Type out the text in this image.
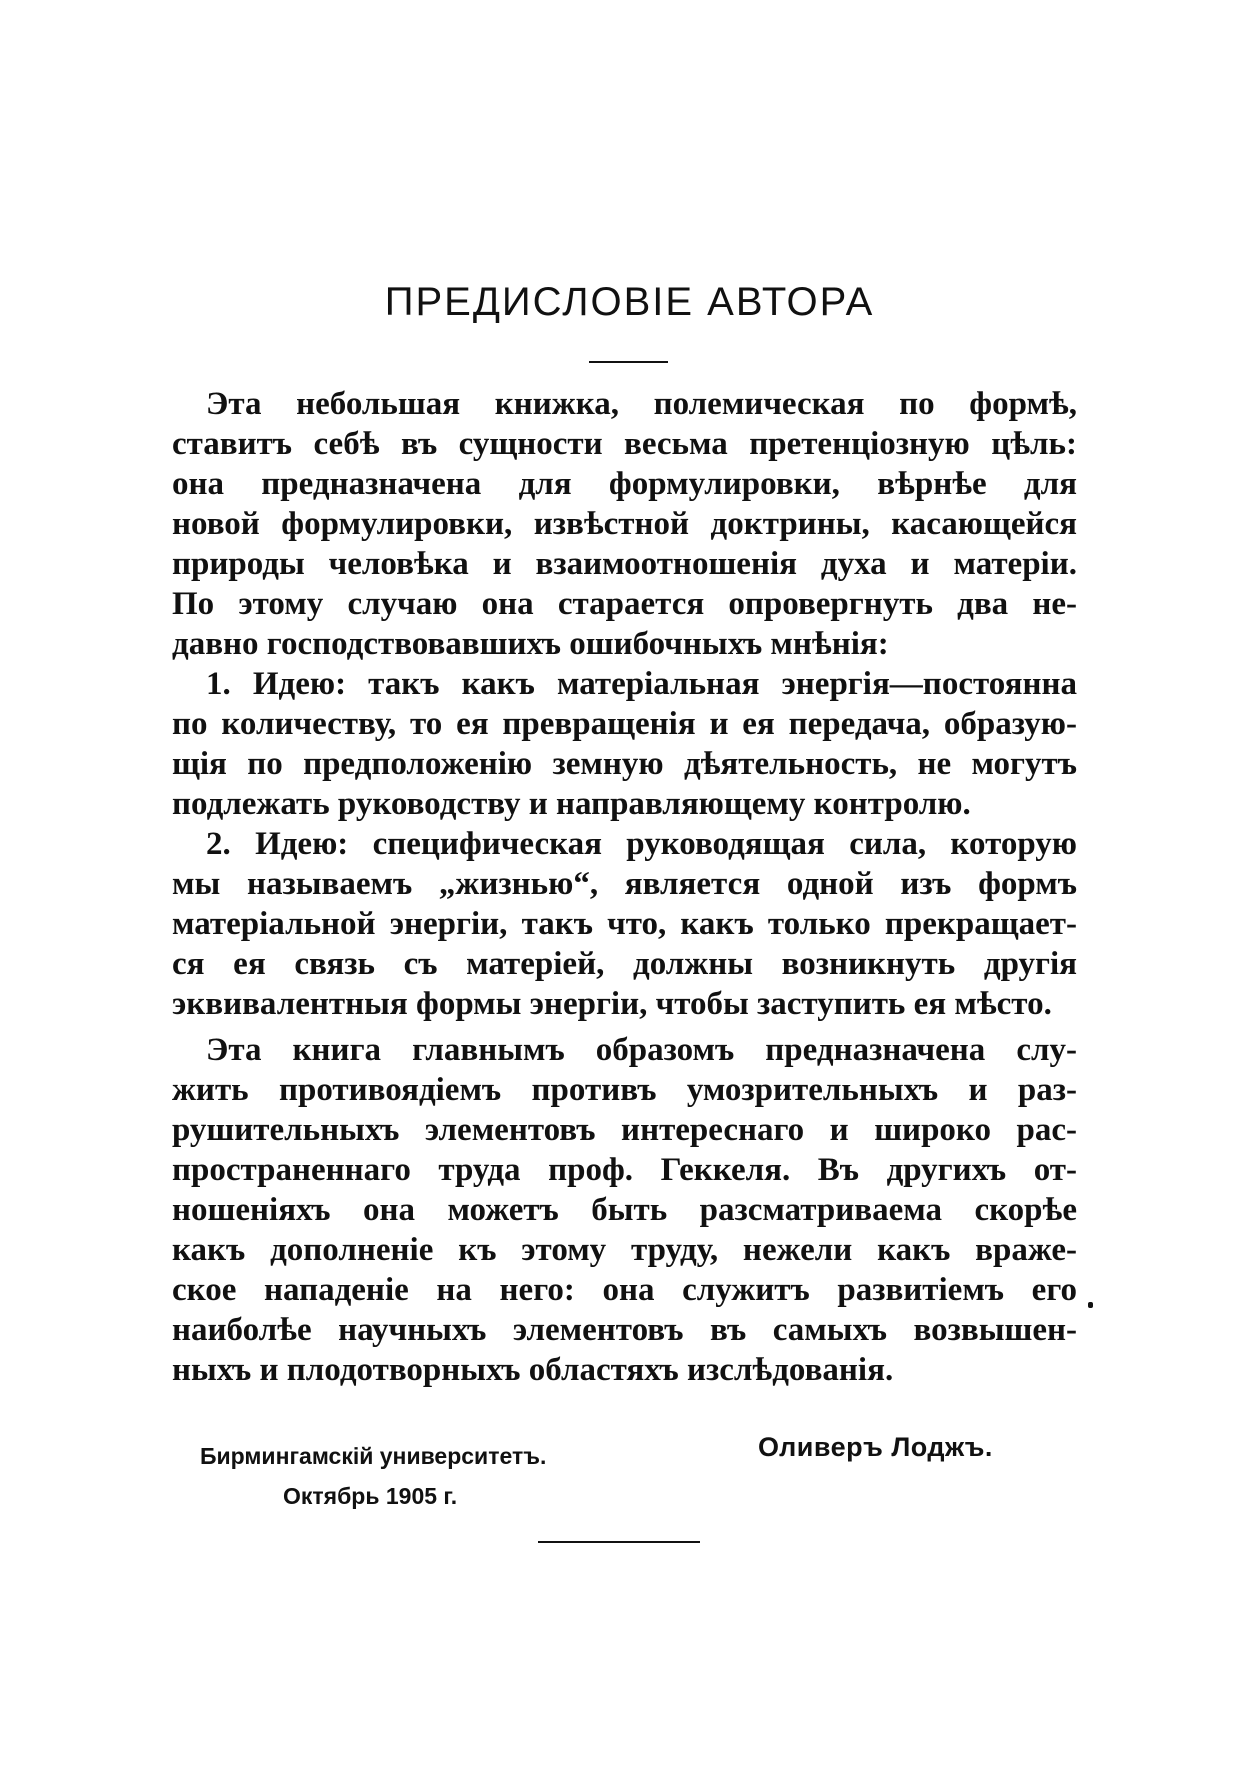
ПРЕДИСЛОВІЕ АВТОРА
Эта небольшая книжка, полемическая по формѣ,
ставитъ себѣ въ сущности весьма претенціозную цѣль:
она предназначена для формулировки, вѣрнѣе для
новой формулировки, извѣстной доктрины, касающейся
природы человѣка и взаимоотношенія духа и матеріи.
По этому случаю она старается опровергнуть два не-
давно господствовавшихъ ошибочныхъ мнѣнія:
1. Идею: такъ какъ матеріальная энергія—постоянна
по количеству, то ея превращенія и ея передача, образую-
щія по предположенію земную дѣятельность, не могутъ
подлежать руководству и направляющему контролю.
2. Идею: специфическая руководящая сила, которую
мы называемъ „жизнью“, является одной изъ формъ
матеріальной энергіи, такъ что, какъ только прекращает-
ся ея связь съ матеріей, должны возникнуть другія
эквивалентныя формы энергіи, чтобы заступить ея мѣсто.
Эта книга главнымъ образомъ предназначена слу-
жить противоядіемъ противъ умозрительныхъ и раз-
рушительныхъ элементовъ интереснаго и широко рас-
пространеннаго труда проф. Геккеля. Въ другихъ от-
ношеніяхъ она можетъ быть разсматриваема скорѣе
какъ дополненіе къ этому труду, нежели какъ враже-
ское нападеніе на него: она служитъ развитіемъ его
наиболѣе научныхъ элементовъ въ самыхъ возвышен-
ныхъ и плодотворныхъ областяхъ изслѣдованія.
Бирмингамскій университетъ.
Октябрь 1905 г.
Оливеръ Лоджъ.
